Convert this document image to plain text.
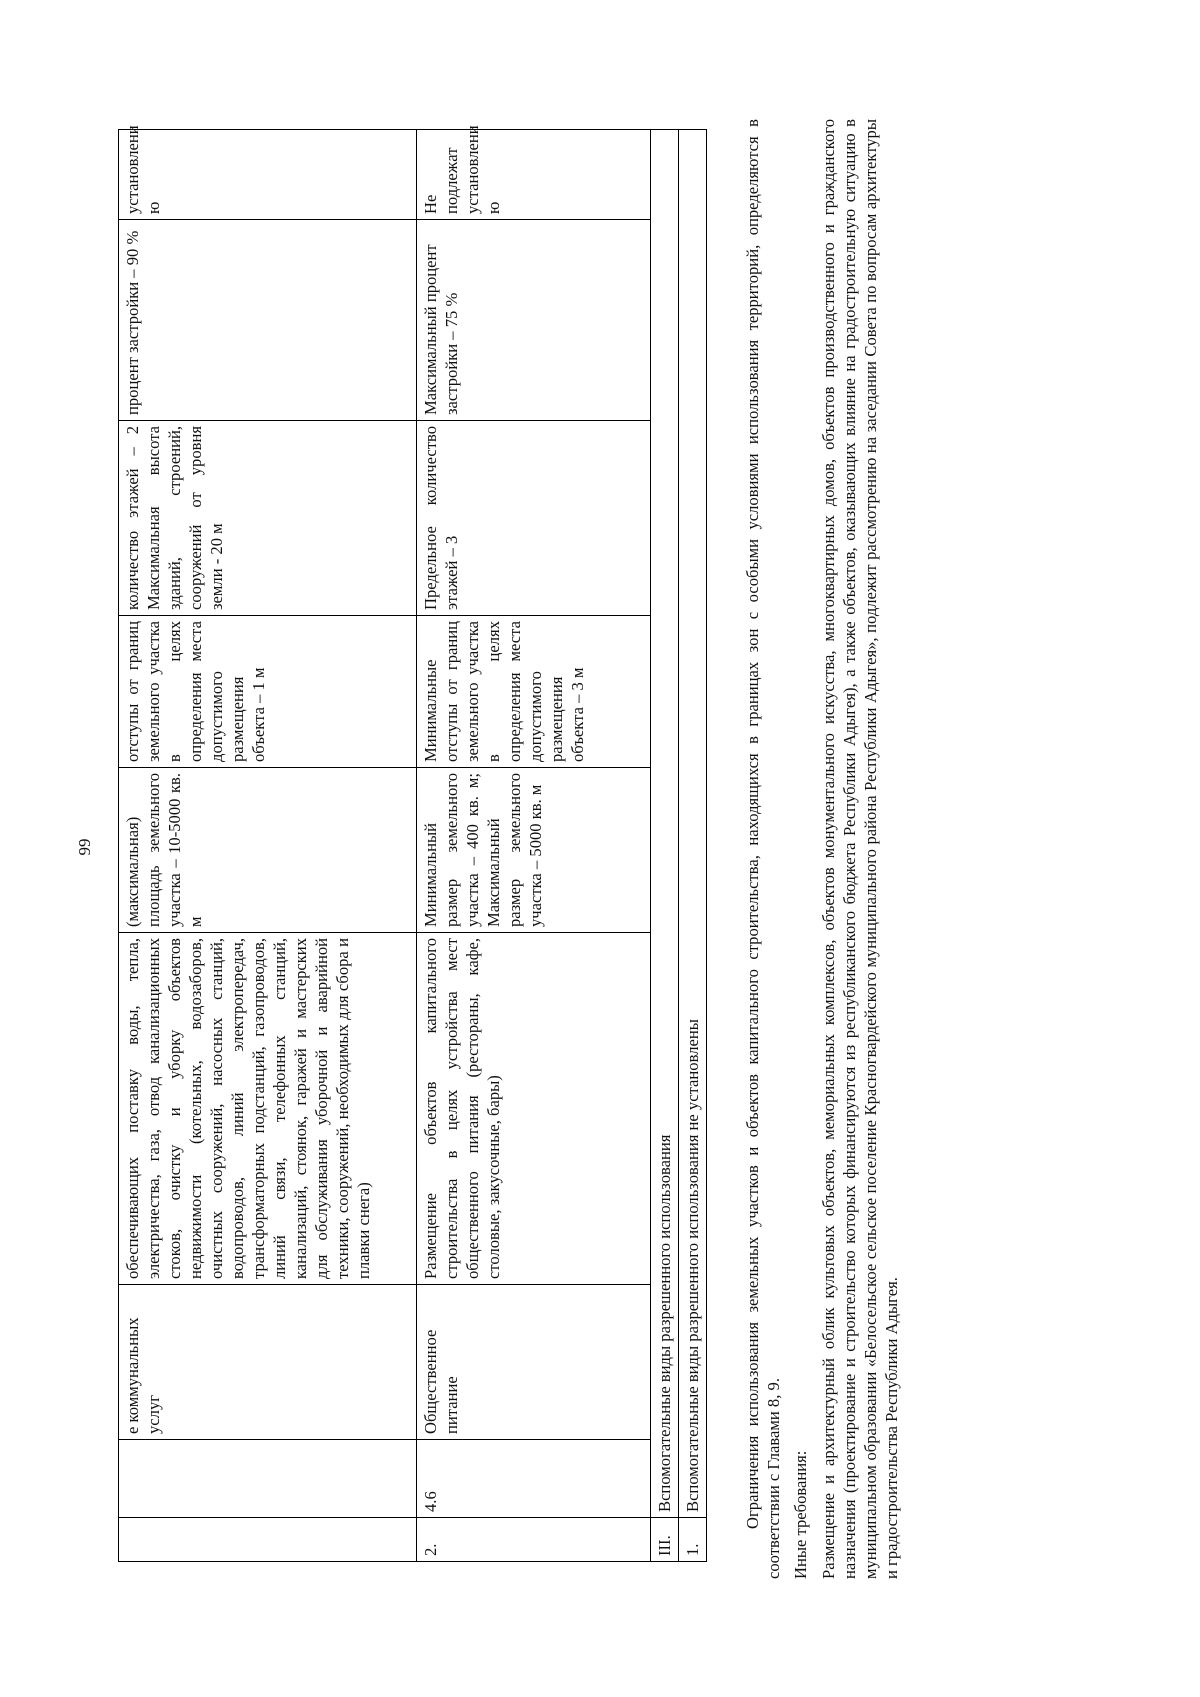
99
		е коммунальных услуг	обеспечивающих поставку воды, тепла, электричества, газа, отвод канализационных стоков, очистку и уборку объектов недвижимости (котельных, водозаборов, очистных сооружений, насосных станций, водопроводов, линий электропередач, трансформаторных подстанций, газопроводов, линий связи, телефонных станций, канализаций, стоянок, гаражей и мастерских для обслуживания уборочной и аварийной техники, сооружений, необходимых для сбора и плавки снега)	(максимальная) площадь земельного участка – 10-5000 кв. м	отступы от границ земельного участка в целях определения места допустимого размещения объекта – 1 м	количество этажей – 2 Максимальная высота зданий, строений, сооружений от уровня земли - 20 м	процент застройки – 90 %	установлени ю
2.	4.6	Общественное питание	Размещение объектов капитального строительства в целях устройства мест общественного питания (рестораны, кафе, столовые, закусочные, бары)	Минимальный размер земельного участка – 400 кв. м; Максимальный размер земельного участка – 5000 кв. м	Минимальные отступы от границ земельного участка в целях определения места допустимого размещения объекта – 3 м	Предельное количество этажей – 3	Максимальный процент застройки – 75 %	Не подлежат установлени ю
III.	Вспомогательные виды разрешенного использования							
1.	Вспомогательные виды разрешенного использования не установлены							Ограничения использования земельных участков и объектов капитального строительства, находящихся в границах зон с особыми условиями использования территорий, определяются в соответствии с Главами 8, 9. Иные требования: Размещение и архитектурный облик культовых объектов, мемориальных комплексов, объектов монументального искусства, многоквартирных домов, объектов производственного и гражданского назначения (проектирование и строительство которых финансируются из республиканского бюджета Республики Адыгея), а также объектов, оказывающих влияние на градостроительную ситуацию в муниципальном образовании «Белосельское сельское поселение Красногвардейского муниципального района Республики Адыгея», подлежит рассмотрению на заседании Совета по вопросам архитектуры и градостроительства Республики Адыгея.
